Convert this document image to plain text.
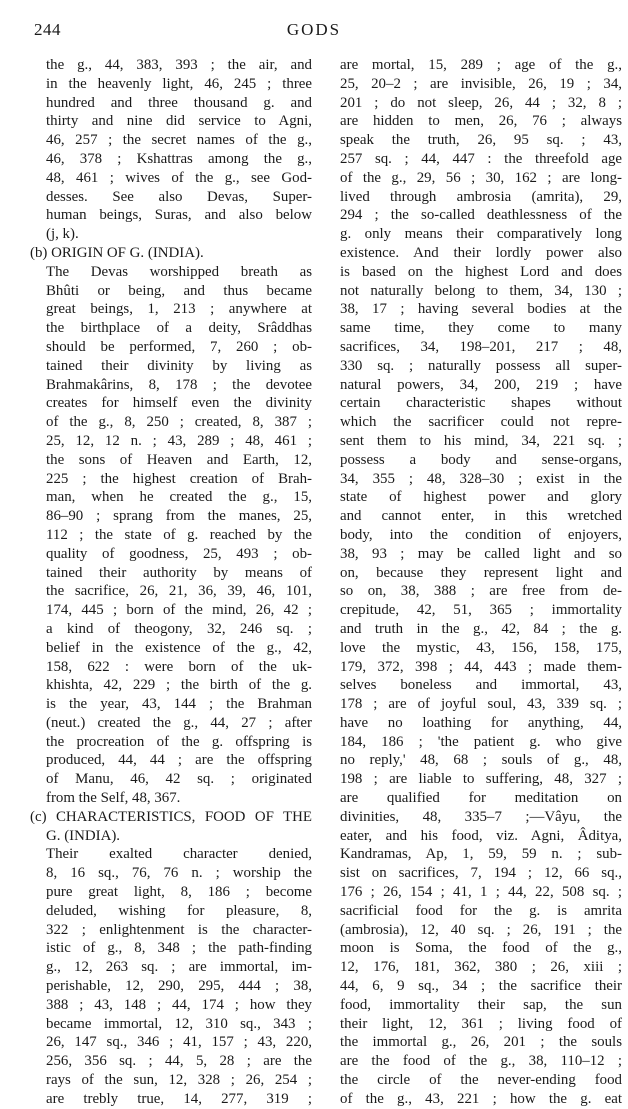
244	GODS
the g., 44, 383, 393 ; the air, and
in the heavenly light, 46, 245 ; three
hundred and three thousand g. and
thirty and nine did service to Agni,
46, 257 ; the secret names of the g.,
46, 378 ; Kshattras among the g.,
48, 461 ; wives of the g., see God-
desses. See also Devas, Super-
human beings, Suras, and also below
(j, k).
(b) ORIGIN OF G. (INDIA).
The Devas worshipped breath as
Bhûti or being, and thus became
great beings, 1, 213 ; anywhere at
the birthplace of a deity, Srâddhas
should be performed, 7, 260 ; ob-
tained their divinity by living as
Brahmakârins, 8, 178 ; the devotee
creates for himself even the divinity
of the g., 8, 250 ; created, 8, 387 ;
25, 12, 12 n. ; 43, 289 ; 48, 461 ;
the sons of Heaven and Earth, 12,
225 ; the highest creation of Brah-
man, when he created the g., 15,
86–90 ; sprang from the manes, 25,
112 ; the state of g. reached by the
quality of goodness, 25, 493 ; ob-
tained their authority by means of
the sacrifice, 26, 21, 36, 39, 46, 101,
174, 445 ; born of the mind, 26, 42 ;
a kind of theogony, 32, 246 sq. ;
belief in the existence of the g., 42,
158, 622 : were born of the uk-
khishta, 42, 229 ; the birth of the g.
is the year, 43, 144 ; the Brahman
(neut.) created the g., 44, 27 ; after
the procreation of the g. offspring is
produced, 44, 44 ; are the offspring
of Manu, 46, 42 sq. ; originated
from the Self, 48, 367.
(c) CHARACTERISTICS, FOOD OF THE
G. (INDIA).
Their exalted character denied,
8, 16 sq., 76, 76 n. ; worship the
pure great light, 8, 186 ; become
deluded, wishing for pleasure, 8,
322 ; enlightenment is the character-
istic of g., 8, 348 ; the path-finding
g., 12, 263 sq. ; are immortal, im-
perishable, 12, 290, 295, 444 ; 38,
388 ; 43, 148 ; 44, 174 ; how they
became immortal, 12, 310 sq., 343 ;
26, 147 sq., 346 ; 41, 157 ; 43, 220,
256, 356 sq. ; 44, 5, 28 ; are the
rays of the sun, 12, 328 ; 26, 254 ;
are trebly true, 14, 277, 319 ;
are mortal, 15, 289 ; age of the g.,
25, 20–2 ; are invisible, 26, 19 ; 34,
201 ; do not sleep, 26, 44 ; 32, 8 ;
are hidden to men, 26, 76 ; always
speak the truth, 26, 95 sq. ; 43,
257 sq. ; 44, 447 : the threefold age
of the g., 29, 56 ; 30, 162 ; are long-
lived through ambrosia (amrita), 29,
294 ; the so-called deathlessness of the
g. only means their comparatively long
existence. And their lordly power also
is based on the highest Lord and does
not naturally belong to them, 34, 130 ;
38, 17 ; having several bodies at the
same time, they come to many
sacrifices, 34, 198–201, 217 ; 48,
330 sq. ; naturally possess all super-
natural powers, 34, 200, 219 ; have
certain characteristic shapes without
which the sacrificer could not repre-
sent them to his mind, 34, 221 sq. ;
possess a body and sense-organs,
34, 355 ; 48, 328–30 ; exist in the
state of highest power and glory
and cannot enter, in this wretched
body, into the condition of enjoyers,
38, 93 ; may be called light and so
on, because they represent light and
so on, 38, 388 ; are free from de-
crepitude, 42, 51, 365 ; immortality
and truth in the g., 42, 84 ; the g.
love the mystic, 43, 156, 158, 175,
179, 372, 398 ; 44, 443 ; made them-
selves boneless and immortal, 43,
178 ; are of joyful soul, 43, 339 sq. ;
have no loathing for anything, 44,
184, 186 ; 'the patient g. who give
no reply,' 48, 68 ; souls of g., 48,
198 ; are liable to suffering, 48, 327 ;
are qualified for meditation on
divinities, 48, 335–7 ;—Vâyu, the
eater, and his food, viz. Agni, Âditya,
Kandramas, Ap, 1, 59, 59 n. ; sub-
sist on sacrifices, 7, 194 ; 12, 66 sq.,
176 ; 26, 154 ; 41, 1 ; 44, 22, 508 sq. ;
sacrificial food for the g. is amrita
(ambrosia), 12, 40 sq. ; 26, 191 ; the
moon is Soma, the food of the g.,
12, 176, 181, 362, 380 ; 26, xiii ;
44, 6, 9 sq., 34 ; the sacrifice their
food, immortality their sap, the sun
their light, 12, 361 ; living food of
the immortal g., 26, 201 ; the souls
are the food of the g., 38, 110–12 ;
the circle of the never-ending food
of the g., 43, 221 ; how the g. eat
